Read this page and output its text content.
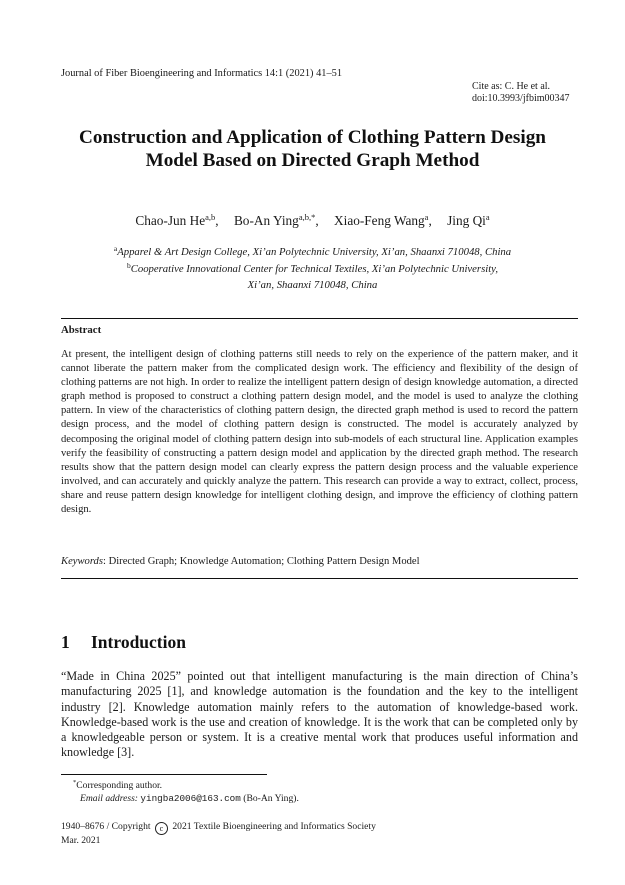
Journal of Fiber Bioengineering and Informatics 14:1 (2021) 41–51
Cite as: C. He et al.
doi:10.3993/jfbim00347
Construction and Application of Clothing Pattern Design
Model Based on Directed Graph Method
Chao-Jun He$^{a,b}$, Bo-An Ying$^{a,b,*}$, Xiao-Feng Wang$^a$, Jing Qi$^a$
$^a$Apparel & Art Design College, Xi’an Polytechnic University, Xi’an, Shaanxi 710048, China
$^b$Cooperative Innovational Center for Technical Textiles, Xi’an Polytechnic University,
Xi’an, Shaanxi 710048, China
Abstract
At present, the intelligent design of clothing patterns still needs to rely on the experience of the pattern maker, and it cannot liberate the pattern maker from the complicated design work. The efficiency and flexibility of the design of clothing patterns are not high. In order to realize the intelligent pattern design of design knowledge automation, a directed graph method is proposed to construct a clothing pattern design model, and the model is used to analyze the clothing pattern. In view of the characteristics of clothing pattern design, the directed graph method is used to record the pattern design process, and the model of clothing pattern design is constructed. The model is accurately analyzed by decomposing the original model of clothing pattern design into sub-models of each structural line. Application examples verify the feasibility of constructing a pattern design model and application by the directed graph method. The research results show that the pattern design model can clearly express the pattern design process and the valuable experience involved, and can accurately and quickly analyze the pattern. This research can provide a way to extract, collect, process, share and reuse pattern design knowledge for intelligent clothing design, and improve the efficiency of clothing pattern design.
Keywords: Directed Graph; Knowledge Automation; Clothing Pattern Design Model
1 Introduction
“Made in China 2025” pointed out that intelligent manufacturing is the main direction of China’s manufacturing 2025 [1], and knowledge automation is the foundation and the key to the intelligent industry [2]. Knowledge automation mainly refers to the automation of knowledge-based work. Knowledge-based work is the use and creation of knowledge. It is the work that can be completed only by a knowledgeable person or system. It is a creative mental work that produces useful information and knowledge [3].
*Corresponding author.
Email address: yingba2006@163.com (Bo-An Ying).
1940–8676 / Copyright c 2021 Textile Bioengineering and Informatics Society
Mar. 2021
